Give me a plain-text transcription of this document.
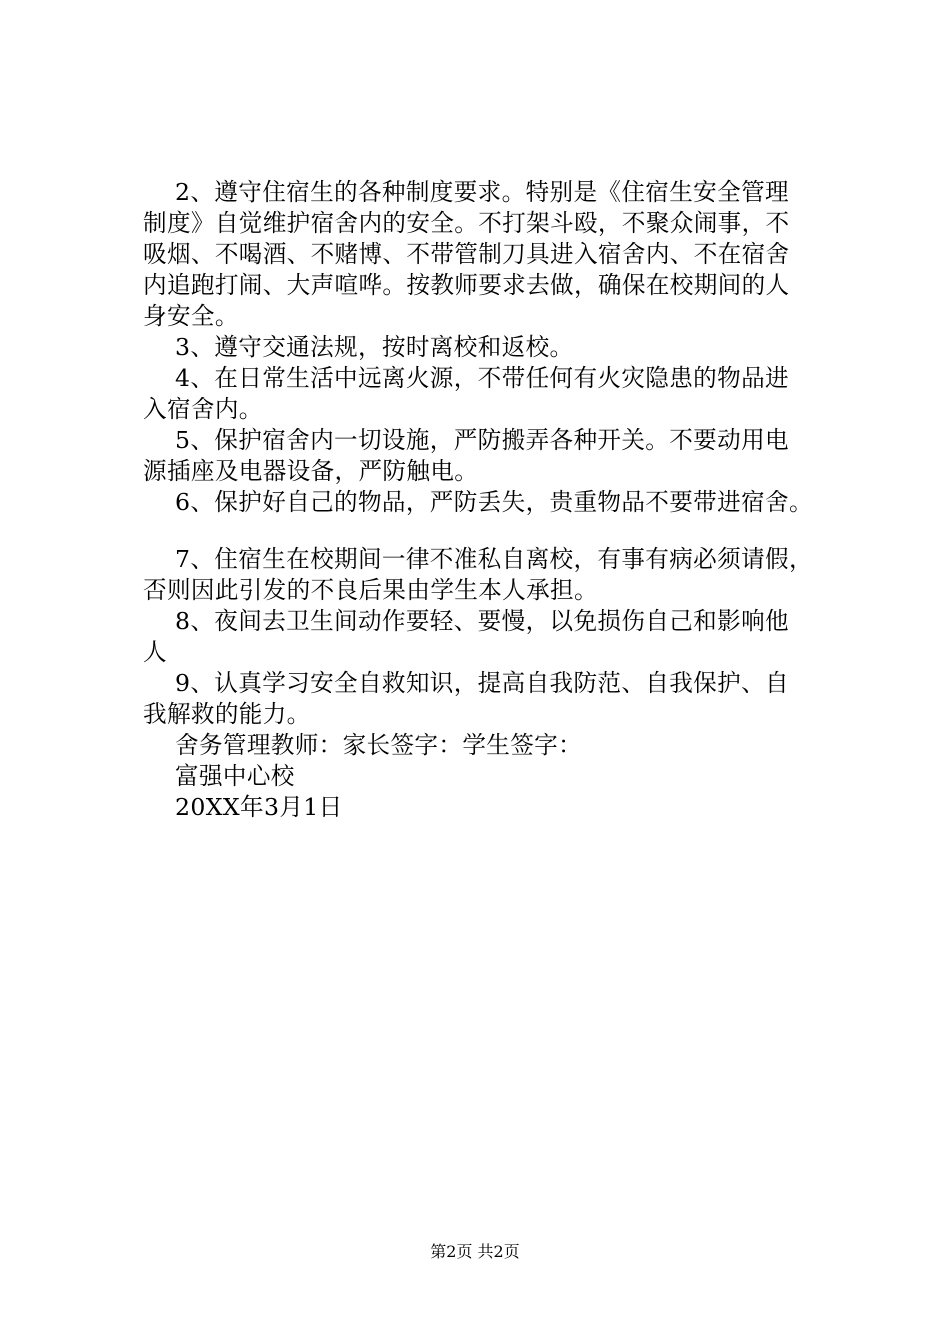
2、遵守住宿生的各种制度要求。特别是《住宿生安全管理
制度》自觉维护宿舍内的安全。不打架斗殴，不聚众闹事，不
吸烟、不喝酒、不赌博、不带管制刀具进入宿舍内、不在宿舍
内追跑打闹、大声喧哗。按教师要求去做，确保在校期间的人
身安全。
3、遵守交通法规，按时离校和返校。
4、在日常生活中远离火源，不带任何有火灾隐患的物品进
入宿舍内。
5、保护宿舍内一切设施，严防搬弄各种开关。不要动用电
源插座及电器设备，严防触电。
6、保护好自己的物品，严防丢失，贵重物品不要带进宿舍。
7、住宿生在校期间一律不准私自离校，有事有病必须请假，
否则因此引发的不良后果由学生本人承担。
8、夜间去卫生间动作要轻、要慢，以免损伤自己和影响他
人
9、认真学习安全自救知识，提高自我防范、自我保护、自
我解救的能力。
舍务管理教师：家长签字：学生签字：
富强中心校
20XX年3月1日
第2页 共2页
